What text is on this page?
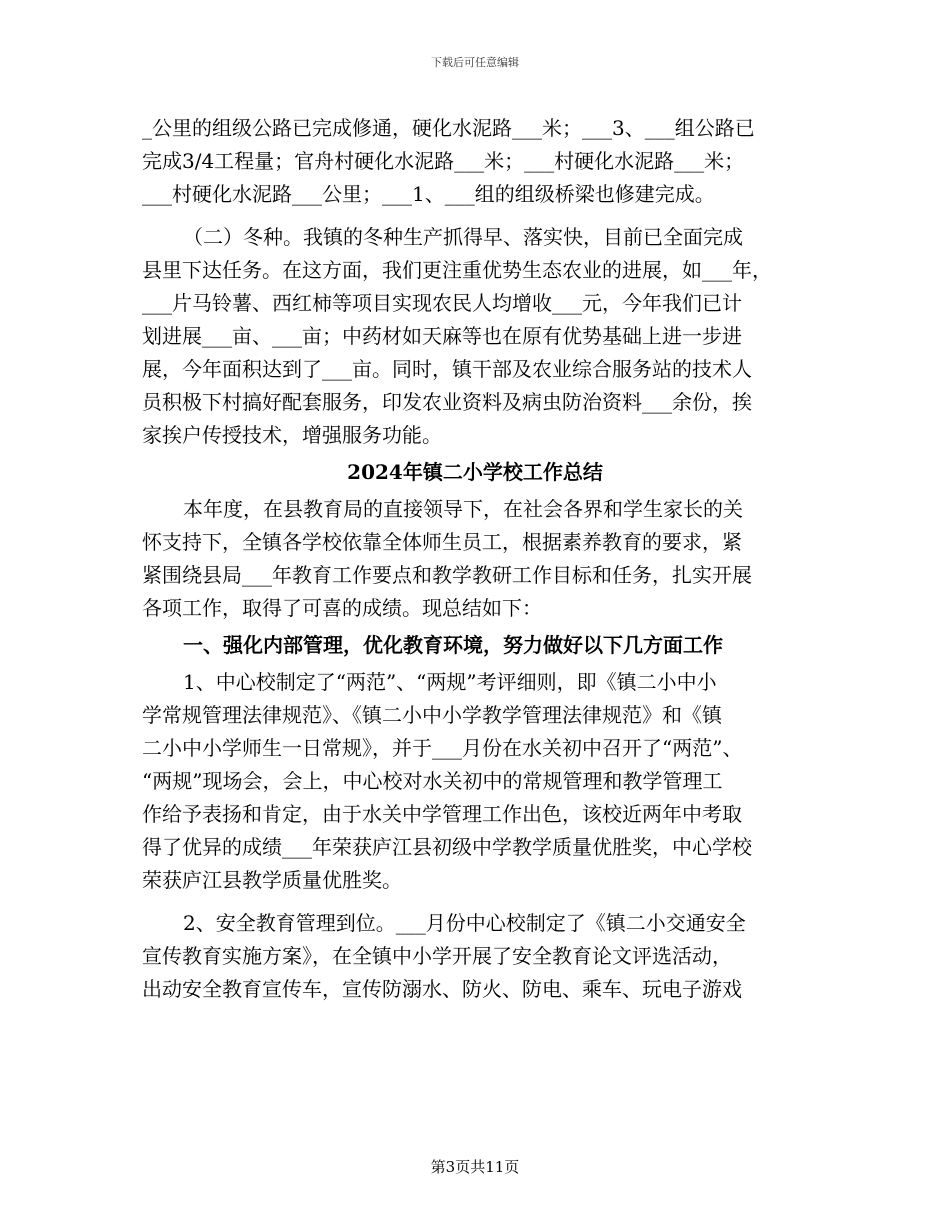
下载后可任意编辑
_公里的组级公路已完成修通，硬化水泥路___米；___3、___组公路已
完成3/4工程量；官舟村硬化水泥路___米；___村硬化水泥路___米；
___村硬化水泥路___公里；___1、___组的组级桥梁也修建完成。
（二）冬种。我镇的冬种生产抓得早、落实快，目前已全面完成
县里下达任务。在这方面，我们更注重优势生态农业的进展，如___年，
___片马铃薯、西红柿等项目实现农民人均增收___元，今年我们已计
划进展___亩、___亩；中药材如天麻等也在原有优势基础上进一步进
展，今年面积达到了___亩。同时，镇干部及农业综合服务站的技术人
员积极下村搞好配套服务，印发农业资料及病虫防治资料___余份，挨
家挨户传授技术，增强服务功能。
2024年镇二小学校工作总结
本年度，在县教育局的直接领导下，在社会各界和学生家长的关
怀支持下，全镇各学校依靠全体师生员工，根据素养教育的要求，紧
紧围绕县局___年教育工作要点和教学教研工作目标和任务，扎实开展
各项工作，取得了可喜的成绩。现总结如下：
一、强化内部管理，优化教育环境，努力做好以下几方面工作
1、中心校制定了“两范”、“两规”考评细则，即《镇二小中小
学常规管理法律规范》、《镇二小中小学教学管理法律规范》和《镇
二小中小学师生一日常规》，并于___月份在水关初中召开了“两范”、
“两规”现场会，会上，中心校对水关初中的常规管理和教学管理工
作给予表扬和肯定，由于水关中学管理工作出色，该校近两年中考取
得了优异的成绩___年荣获庐江县初级中学教学质量优胜奖，中心学校
荣获庐江县教学质量优胜奖。
2、安全教育管理到位。___月份中心校制定了《镇二小交通安全
宣传教育实施方案》，在全镇中小学开展了安全教育论文评选活动，
出动安全教育宣传车，宣传防溺水、防火、防电、乘车、玩电子游戏
第3页共11页
